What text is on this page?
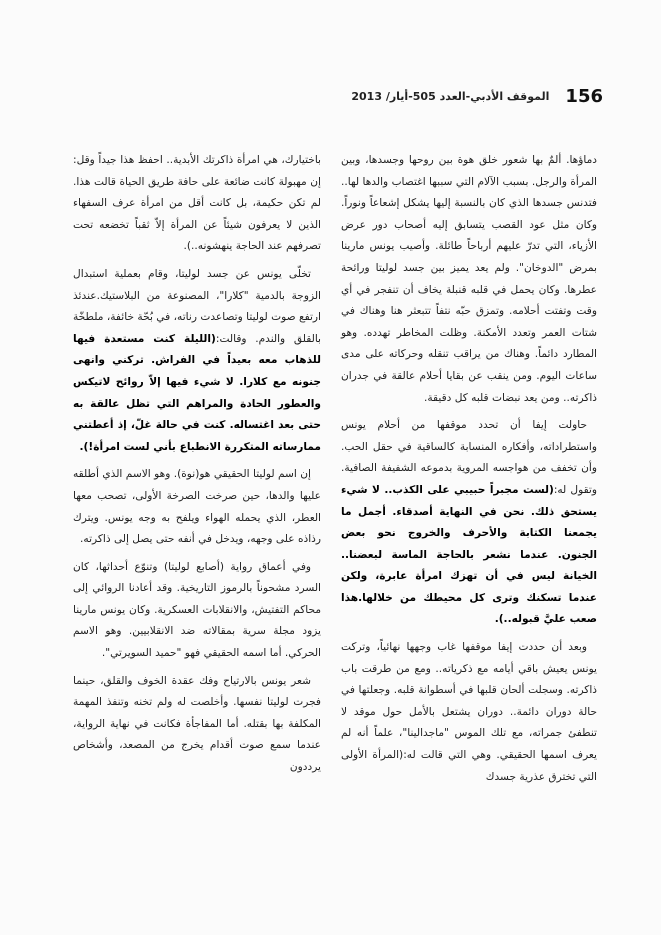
الموقف الأدبي-العدد 505-أيار/ 2013 156

دماؤها. ألمٌ بها شعور خلق هوة بين روحها وجسدها، وبين المرأة والرجل. بسبب الآلام التي سببها اغتصاب والدها لها.. فتدنس جسدها الذي كان بالنسبة إليها يشكل إشعاعاً ونوراً. وكان مثل عود القصب يتسابق إليه أصحاب دور عرض الأزياء، التي تدرّ عليهم أرباحاً طائلة. وأصيب يونس مارينا بمرض "الدوخان". ولم يعد يميز بين جسد لوليتا ورائحة عطرها. وكان يحمل في قلبه قنبلة يخاف أن تنفجر في أي وقت وتفتت أحلامه. وتمزق حبّه نتفاً تتبعثر هنا وهناك في شتات العمر وتعدد الأمكنة. وظلت المخاطر تهدده. وهو المطارد دائماً. وهناك من يراقب تنقله وحركاته على مدى ساعات اليوم. ومن ينقب عن بقايا أحلام عالقة في جدران ذاكرته.. ومن يعد نبضات قلبه كل دقيقة.

حاولت إيفا أن تحدد موقفها من أحلام يونس واستطراداته، وأفكاره المنسابة كالساقية في حقل الحب. وأن تخفف من هواجسه المروية بدموعه الشفيفة الصافية. وتقول له:(لست مجبراً حبيبي على الكذب.. لا شيء يستحق ذلك. نحن في النهاية أصدقاء. أجمل ما يجمعنا الكتابة والأحرف والخروج نحو بعض الجنون. عندما نشعر بالحاجة الماسة لبعضنا.. الخيانة ليس في أن تهزك امرأة عابرة، ولكن عندما تسكنك وترى كل محيطك من خلالها.هذا صعب عليَّ قبوله..).

وبعد أن حددت إيفا موقفها غاب وجهها نهائياً، وتركت يونس يعيش باقي أيامه مع ذكرياته.. ومع من طرقت باب ذاكرته. وسجلت ألحان قلبها في أسطوانة قلبه. وجعلتها في حالة دوران دائمة.. دوران يشتعل بالأمل حول موقد لا تنطفئ جمراته، مع تلك الموس "ماجدالينا"، علماً أنه لم يعرف اسمها الحقيقي. وهي التي قالت له:(المرأة الأولى التي تخترق عذرية جسدك

باختيارك، هي امرأة ذاكرتك الأبدية.. احفظ هذا جيداً وقل: إن مهبولة كانت ضائعة على حافة طريق الحياة قالت هذا. لم تكن حكيمة، بل كانت أقل من امرأة عرف السفهاء الذين لا يعرفون شيئاً عن المرأة إلاّ ثقباً تخضعه تحت تصرفهم عند الحاجة ينهشونه..).

تخلّى يونس عن جسد لوليتا، وقام بعملية استبدال الزوجة بالدمية "كلارا"، المصنوعة من البلاستيك.عندئذ ارتفع صوت لوليتا وتصاعدت رناته، في بُحّة خائفة، ملطخّة بالقلق والندم. وقالت:(الليلة كنت مستعدة فيها للذهاب معه بعيداً في الفراش. تركني وانهى جنونه مع كلارا. لا شيء فيها إلاّ روائح لاتيكس والعطور الحادة والمراهم التي تظل عالقة به حتى بعد اغتساله. كنت في حالة غلّ، إذ أعطتني ممارساته المتكررة الانطباع بأني لست امرأة!).

إن اسم لوليتا الحقيقي هو(نوة). وهو الاسم الذي أطلقه عليها والدها، حين صرخت الصرخة الأولى، تصحب معها العطر، الذي يحمله الهواء ويلفح به وجه يونس. ويترك رذاذه على وجهه، ويدخل في أنفه حتى يصل إلى ذاكرته.

وفي أعماق رواية (أصابع لوليتا) وتنوّع أحداثها، كان السرد مشحوناً بالرموز التاريخية. وقد أعادنا الروائي إلى محاكم التفتيش، والانقلابات العسكرية. وكان يونس مارينا يزود مجلة سرية بمقالاته ضد الانقلابيين. وهو الاسم الحركي. أما اسمه الحقيقي فهو "حميد السويرتي".

شعر يونس بالارتياح وفك عقدة الخوف والقلق، حينما فجرت لوليتا نفسها. وأخلصت له ولم تخنه وتنفذ المهمة المكلفة بها بقتله. أما المفاجأة فكانت في نهاية الرواية، عندما سمع صوت أقدام يخرج من المصعد، وأشخاص يرددون
